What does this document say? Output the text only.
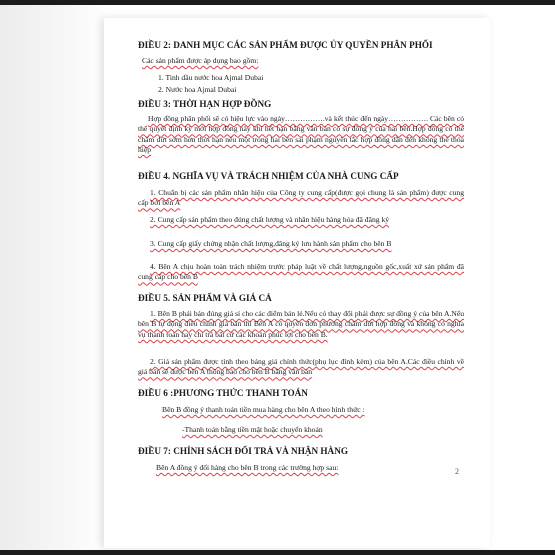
ĐIỀU 2: DANH MỤC CÁC SẢN PHẨM ĐƯỢC ỦY QUYỀN PHÂN PHỐI

Các sản phẩm được áp dụng bao gồm:

1. Tinh dầu nước hoa Ajmal Dubai

2. Nước hoa Ajmal Dubai

ĐIỀU 3: THỜI HẠN HỢP ĐỒNG

Hợp đồng phân phối sẽ có hiệu lực vào ngày…………….và kết thúc đến ngày……………. Các bên có thể quyết định kỳ mới hợp đồng này khi hết hạn bằng văn bản có sự đồng ý của hai bên.Hợp đồng có thể chấm dứt sớm hơn thời hạn nếu một trong hai bên sai phạm nguyên tắc hợp đồng dẫn đến không thể thỏa hiệp

ĐIỀU 4. NGHĨA VỤ VÀ TRÁCH NHIỆM CỦA NHÀ CUNG CẤP

1. Chuẩn bị các sản phẩm nhãn hiệu của Công ty cung cấp(được gọi chung là sản phẩm) được cung cấp bởi bên A

2. Cung cấp sản phẩm theo đúng chất lượng và nhãn hiệu hàng hóa đã đăng ký

3. Cung cấp giấy chứng nhận chất lượng,đăng ký lưu hành sản phẩm cho bên B

4. Bên A chịu hoàn toàn trách nhiệm trước pháp luật về chất lượng,nguồn gốc,xuất xứ sản phẩm đã cung cấp cho bên B

ĐIỀU 5. SẢN PHẨM VÀ GIÁ CẢ

1. Bên B phải bán đúng giá sỉ cho các điểm bán lẻ.Nếu có thay đổi phải được sự đồng ý của bên A.Nếu bên B tự động điều chỉnh giá bán thì Bên A có quyền đơn phương chấm dứt hợp đồng và không có nghĩa vụ thanh toán hay chi trả bất cứ các khoản phúc lợi cho bên B.

2. Giá sản phẩm được tính theo bảng giá chính thức(phụ lục đính kèm) của bên A.Các điều chỉnh về giá bán sẽ được bên A thông báo cho bên B bằng văn bản

ĐIỀU 6 :PHƯƠNG THỨC THANH TOÁN

Bên B đồng ý thanh toán tiền mua hàng cho bên A theo hình thức :

-Thanh toán bằng tiền mặt hoặc chuyển khoản

ĐIỀU 7: CHÍNH SÁCH ĐỔI TRẢ VÀ NHẬN HÀNG

Bên A đồng ý đổi hàng cho bên B trong các trường hợp sau:	2
